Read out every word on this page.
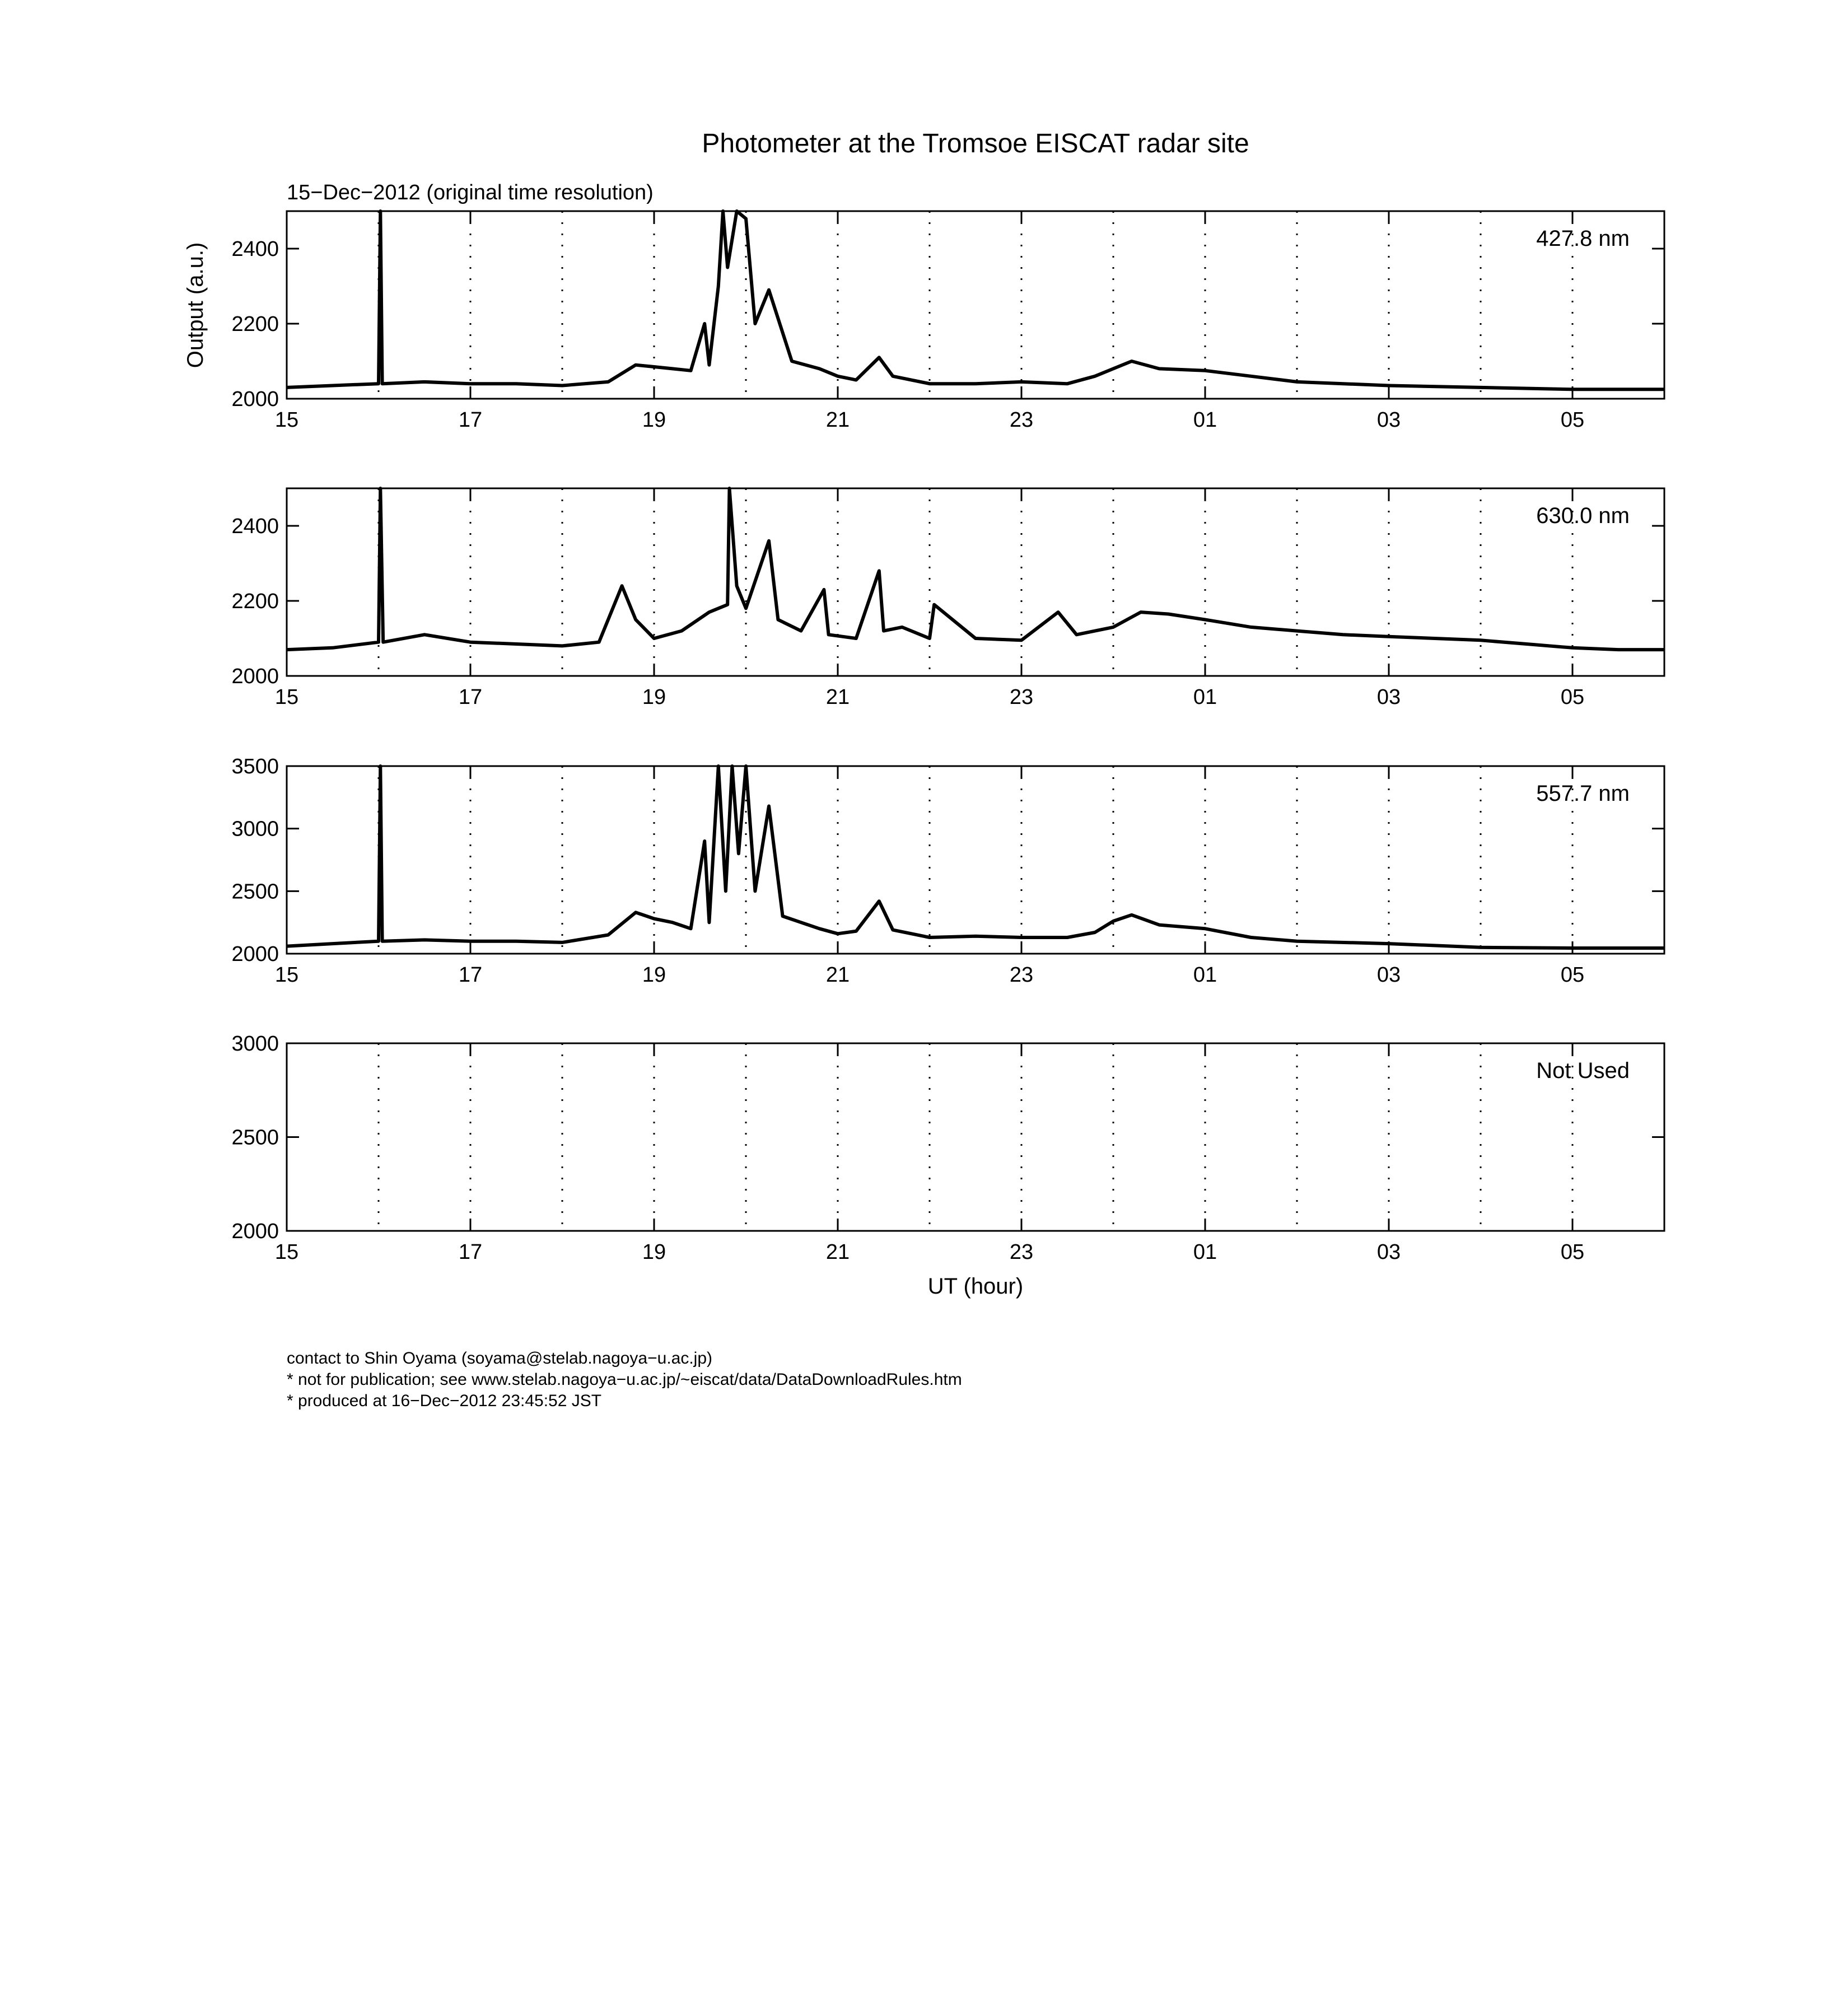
Photometer at the Tromsoe EISCAT radar site
15−Dec−2012 (original time resolution)
Output (a.u.)
UT (hour)
2000
2200
2400
15	17	19	21	23	01	03	05
427.8 nm
2000
2200
2400
15	17	19	21	23	01	03	05
630.0 nm
2000
2500
3000
3500
15	17	19	21	23	01	03	05
557.7 nm
2000
2500
3000
15	17	19	21	23	01	03	05
Not Used
contact to Shin Oyama (soyama@stelab.nagoya−u.ac.jp)
* not for publication; see www.stelab.nagoya−u.ac.jp/~eiscat/data/DataDownloadRules.htm
* produced at 16−Dec−2012 23:45:52 JST
